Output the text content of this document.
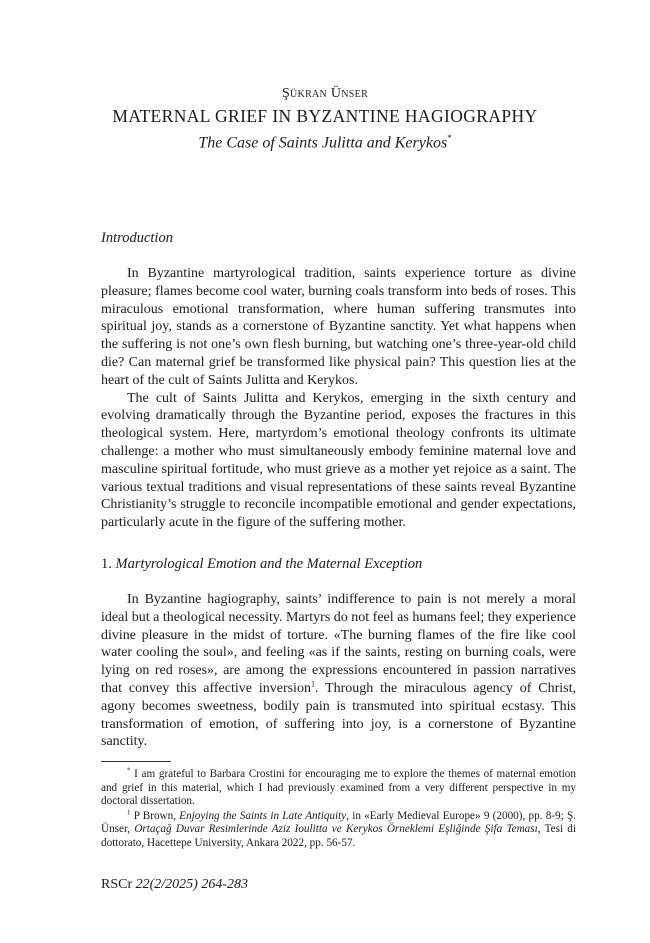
Şükran Ünser
MATERNAL GRIEF IN BYZANTINE HAGIOGRAPHY
The Case of Saints Julitta and Kerykos*
Introduction

In Byzantine martyrological tradition, saints experience torture as divine pleasure; flames become cool water, burning coals transform into beds of roses. This miraculous emotional transformation, where human suffering transmutes into spiritual joy, stands as a cornerstone of Byzantine sanctity. Yet what happens when the suffering is not one’s own flesh burning, but watching one’s three-year-old child die? Can maternal grief be transformed like physical pain? This question lies at the heart of the cult of Saints Julitta and Kerykos.

The cult of Saints Julitta and Kerykos, emerging in the sixth century and evolving dramatically through the Byzantine period, exposes the fractures in this theological system. Here, martyrdom’s emotional theology confronts its ultimate challenge: a mother who must simultaneously embody feminine maternal love and masculine spiritual fortitude, who must grieve as a mother yet rejoice as a saint. The various textual traditions and visual representations of these saints reveal Byzantine Christianity’s struggle to reconcile incompatible emotional and gender expectations, particularly acute in the figure of the suffering mother.

1. Martyrological Emotion and the Maternal Exception

In Byzantine hagiography, saints’ indifference to pain is not merely a moral ideal but a theological necessity. Martyrs do not feel as humans feel; they experience divine pleasure in the midst of torture. «The burning flames of the fire like cool water cooling the soul», and feeling «as if the saints, resting on burning coals, were lying on red roses», are among the expressions encountered in passion narratives that convey this affective inversion$^1$. Through the miraculous agency of Christ, agony becomes sweetness, bodily pain is transmuted into spiritual ecstasy. This transformation of emotion, of suffering into joy, is a cornerstone of Byzantine sanctity.

* I am grateful to Barbara Crostini for encouraging me to explore the themes of maternal emotion and grief in this material, which I had previously examined from a very different perspective in my doctoral dissertation.

$^1$ P Brown, Enjoying the Saints in Late Antiquity, in «Early Medieval Europe» 9 (2000), pp. 8-9; Ş. Ünser, Ortaçağ Duvar Resimlerinde Aziz Ioulitta ve Kerykos Örneklemi Eşliğinde Şifa Teması, Tesi di dottorato, Hacettepe University, Ankara 2022, pp. 56-57.

RSCr 22(2/2025) 264-283
